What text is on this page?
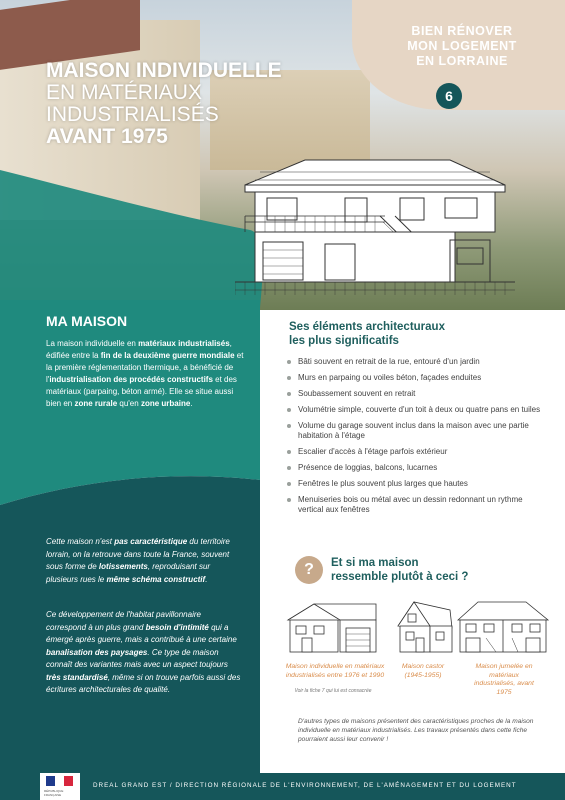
BIEN RÉNOVER
MON LOGEMENT
EN LORRAINE
6
MAISON INDIVIDUELLE
EN MATÉRIAUX
INDUSTRIALISÉS
AVANT 1975
MA MAISON

La maison individuelle en matériaux industrialisés, édifiée entre la fin de la deuxième guerre mondiale et la première réglementation thermique, a bénéficié de l'industrialisation des procédés constructifs et des matériaux (parpaing, béton armé). Elle se situe aussi bien en zone rurale qu'en zone urbaine.

Cette maison n'est pas caractéristique du territoire lorrain, on la retrouve dans toute la France, souvent sous forme de lotissements, reproduisant sur plusieurs rues le même schéma constructif.

Ce développement de l'habitat pavillonnaire correspond à un plus grand besoin d'intimité qui a émergé après guerre, mais a contribué à une certaine banalisation des paysages. Ce type de maison connaît des variantes mais avec un aspect toujours très standardisé, même si on trouve parfois aussi des écritures architecturales de qualité.

Ses éléments architecturaux
les plus significatifs
Bâti souvent en retrait de la rue, entouré d'un jardin
Murs en parpaing ou voiles béton, façades enduites
Soubassement souvent en retrait
Volumétrie simple, couverte d'un toit à deux ou quatre pans en tuiles
Volume du garage souvent inclus dans la maison avec une partie habitation à l'étage
Escalier d'accès à l'étage parfois extérieur
Présence de loggias, balcons, lucarnes
Fenêtres le plus souvent plus larges que hautes
Menuiseries bois ou métal avec un dessin redonnant un rythme vertical aux fenêtres
?	Et si ma maison
ressemble plutôt à ceci ?
Maison individuelle en matériaux industrialisés entre 1976 et 1990
Voir la fiche 7 qui lui est consacrée
Maison castor (1945-1955)
Maison jumelée en matériaux industrialisés, avant 1975

D'autres types de maisons présentent des caractéristiques proches de la maison individuelle en matériaux industrialisés. Les travaux présentés dans cette fiche pourraient aussi leur convenir !

RÉPUBLIQUE FRANÇAISE
DREAL GRAND EST / DIRECTION RÉGIONALE DE L'ENVIRONNEMENT, DE L'AMÉNAGEMENT ET DU LOGEMENT
